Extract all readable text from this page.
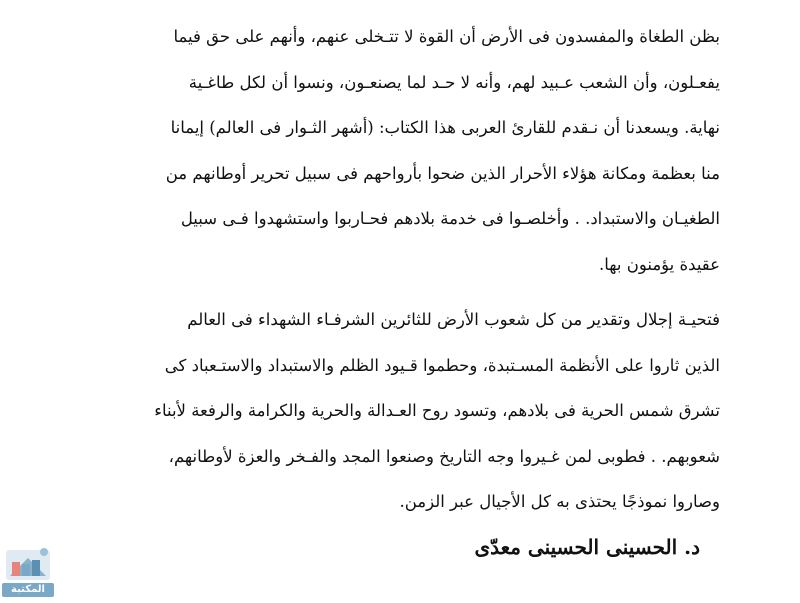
بظن الطغاة والمفسدون فى الأرض أن القوة لا تتـخلى عنهم، وأنهم على حق فيما
يفعـلون، وأن الشعب عـبيد لهم، وأنه لا حـد لما يصنعـون، ونسوا أن لكل طاغـية
نهاية. ويسعدنا أن نـقدم للقارئ العربى هذا الكتاب: (أشهر الثـوار فى العالم) إيمانا
منا بعظمة ومكانة هؤلاء الأحرار الذين ضحوا بأرواحهم فى سبيل تحرير أوطانهم من
الطغيـان والاستبداد. . وأخلصـوا فى خدمة بلادهم فحـاربوا واستشهدوا فـى سبيل
عقيدة يؤمنون بها.
فتحيـة إجلال وتقدير من كل شعوب الأرض للثائرين الشرفـاء الشهداء فى العالم
الذين ثاروا على الأنظمة المسـتبدة، وحطموا قـيود الظلم والاستبداد والاستـعباد كى
تشرق شمس الحرية فى بلادهم، وتسود روح العـدالة والحرية والكرامة والرفعة لأبناء
شعوبهم. . فطوبى لمن غـيروا وجه التاريخ وصنعوا المجد والفـخر والعزة لأوطانهم،
وصاروا نموذجًا يحتذى به كل الأجيال عبر الزمن.
د. الحسينى الحسينى معدّى
المكتبة
